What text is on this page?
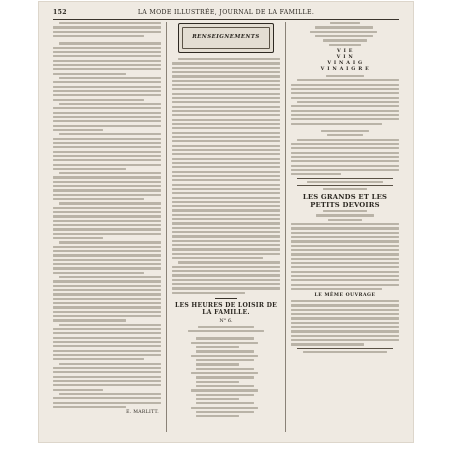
152	LA MODE ILLUSTRÉE, JOURNAL DE LA FAMILLE.
E. MARLITT.
RENSEIGNEMENTS
LES HEURES DE LOISIR DE LA FAMILLE.
N° 6.
V I E
V I N
V I N A I G
V I N A I G R E
LES GRANDS ET LES PETITS DEVOIRS
LE MÊME OUVRAGE
